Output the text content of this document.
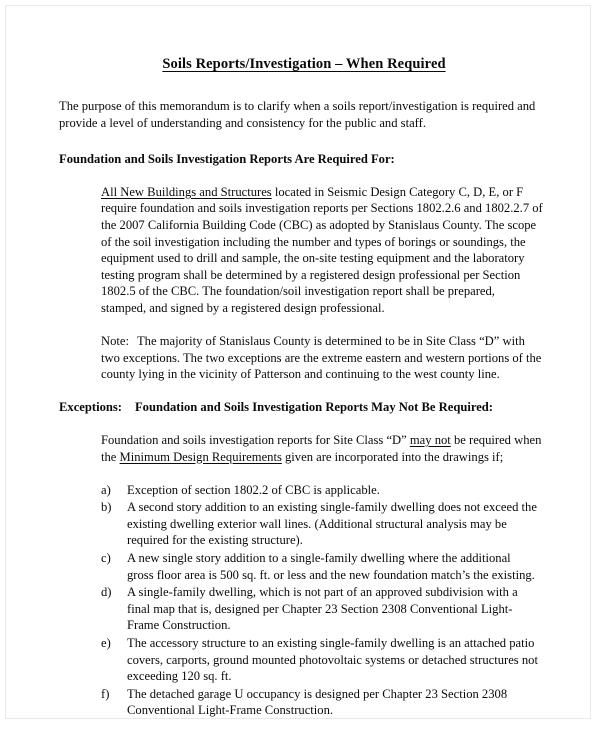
Soils Reports/Investigation – When Required

The purpose of this memorandum is to clarify when a soils report/investigation is required and provide a level of understanding and consistency for the public and staff.

Foundation and Soils Investigation Reports Are Required For:

All New Buildings and Structures located in Seismic Design Category C, D, E, or F require foundation and soils investigation reports per Sections 1802.2.6 and 1802.2.7 of the 2007 California Building Code (CBC) as adopted by Stanislaus County. The scope of the soil investigation including the number and types of borings or soundings, the equipment used to drill and sample, the on-site testing equipment and the laboratory testing program shall be determined by a registered design professional per Section 1802.5 of the CBC. The foundation/soil investigation report shall be prepared, stamped, and signed by a registered design professional.

Note: The majority of Stanislaus County is determined to be in Site Class “D” with two exceptions. The two exceptions are the extreme eastern and western portions of the county lying in the vicinity of Patterson and continuing to the west county line.

Exceptions: Foundation and Soils Investigation Reports May Not Be Required:

Foundation and soils investigation reports for Site Class “D” may not be required when the Minimum Design Requirements given are incorporated into the drawings if;

a)	Exception of section 1802.2 of CBC is applicable.
b)	A second story addition to an existing single-family dwelling does not exceed the existing dwelling exterior wall lines. (Additional structural analysis may be required for the existing structure).
c)	A new single story addition to a single-family dwelling where the additional gross floor area is 500 sq. ft. or less and the new foundation match’s the existing.
d)	A single-family dwelling, which is not part of an approved subdivision with a final map that is, designed per Chapter 23 Section 2308 Conventional Light-Frame Construction.
e)	The accessory structure to an existing single-family dwelling is an attached patio covers, carports, ground mounted photovoltaic systems or detached structures not exceeding 120 sq. ft.
f)	The detached garage U occupancy is designed per Chapter 23 Section 2308 Conventional Light-Frame Construction.
